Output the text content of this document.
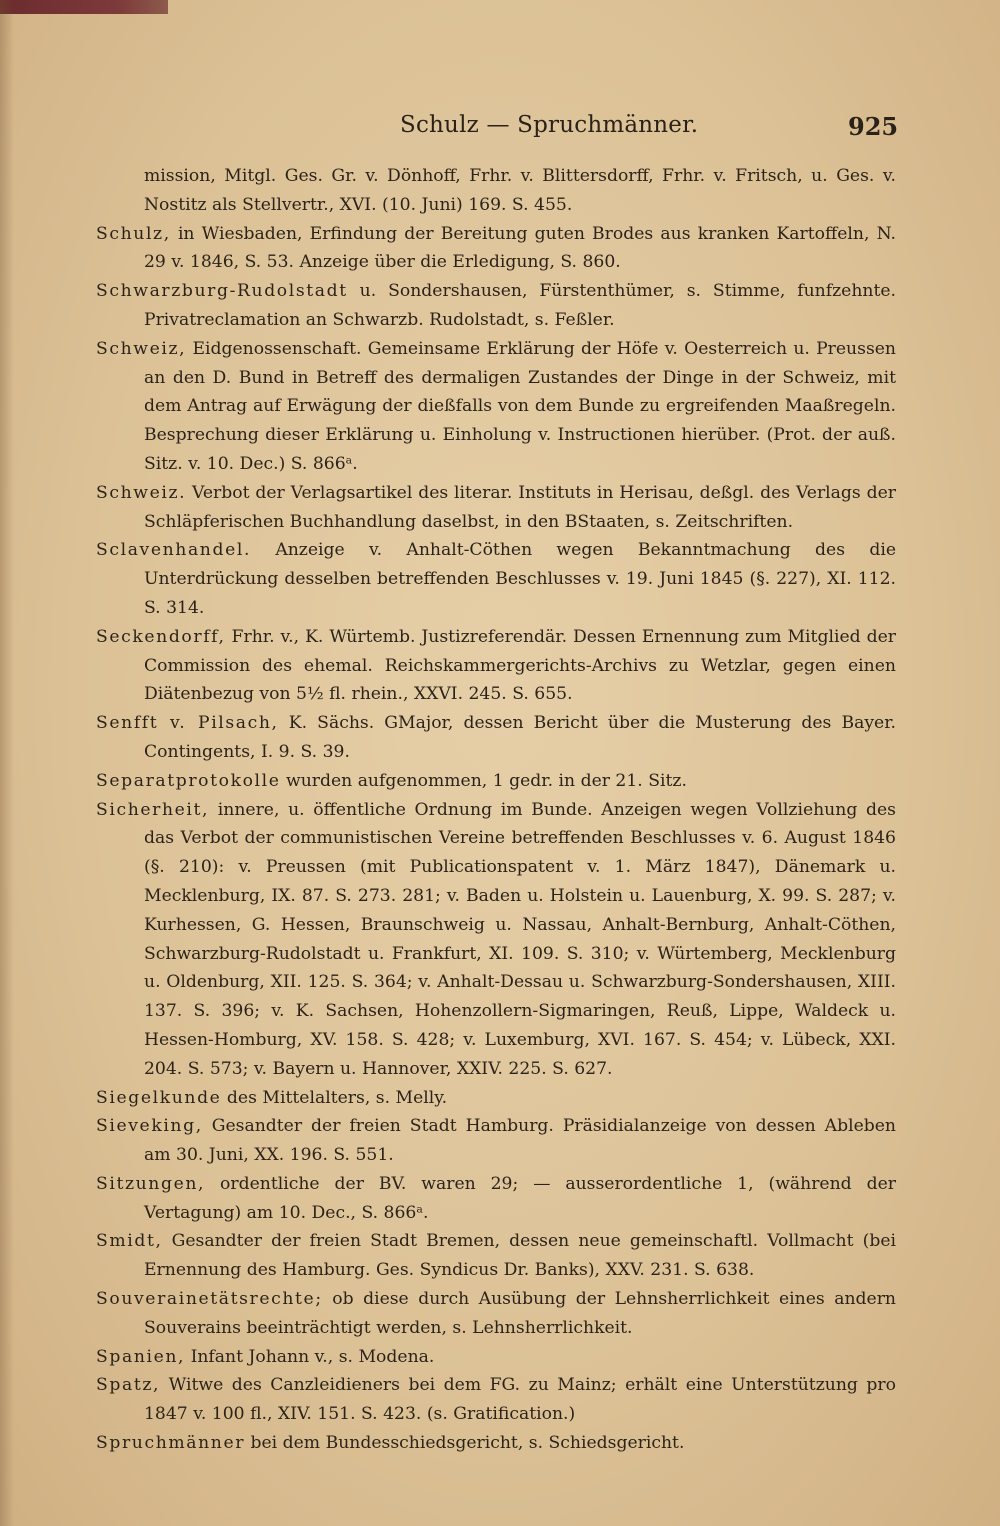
Schulz — Spruchmänner.	925

mission, Mitgl. Ges. Gr. v. Dönhoff, Frhr. v. Blittersdorff, Frhr. v. Fritsch, u. Ges. v. Nostitz als Stellvertr., XVI. (10. Juni) 169. S. 455.

Schulz, in Wiesbaden, Erfindung der Bereitung guten Brodes aus kranken Kartoffeln, N. 29 v. 1846, S. 53. Anzeige über die Erledigung, S. 860.

Schwarzburg-Rudolstadt u. Sondershausen, Fürstenthümer, s. Stimme, funfzehnte. Privatreclamation an Schwarzb. Rudolstadt, s. Feßler.

Schweiz, Eidgenossenschaft. Gemeinsame Erklärung der Höfe v. Oesterreich u. Preussen an den D. Bund in Betreff des dermaligen Zustandes der Dinge in der Schweiz, mit dem Antrag auf Erwägung der dießfalls von dem Bunde zu ergreifenden Maaßregeln. Besprechung dieser Erklärung u. Einholung v. Instructionen hierüber. (Prot. der auß. Sitz. v. 10. Dec.) S. 866ᵃ.

Schweiz. Verbot der Verlagsartikel des literar. Instituts in Herisau, deßgl. des Verlags der Schläpferischen Buchhandlung daselbst, in den BStaaten, s. Zeitschriften.

Sclavenhandel. Anzeige v. Anhalt-Cöthen wegen Bekanntmachung des die Unterdrückung desselben betreffenden Beschlusses v. 19. Juni 1845 (§. 227), XI. 112. S. 314.

Seckendorff, Frhr. v., K. Würtemb. Justizreferendär. Dessen Ernennung zum Mitglied der Commission des ehemal. Reichskammergerichts-Archivs zu Wetzlar, gegen einen Diätenbezug von 5½ fl. rhein., XXVI. 245. S. 655.

Senfft v. Pilsach, K. Sächs. GMajor, dessen Bericht über die Musterung des Bayer. Contingents, I. 9. S. 39.

Separatprotokolle wurden aufgenommen, 1 gedr. in der 21. Sitz.

Sicherheit, innere, u. öffentliche Ordnung im Bunde. Anzeigen wegen Vollziehung des das Verbot der communistischen Vereine betreffenden Beschlusses v. 6. August 1846 (§. 210): v. Preussen (mit Publicationspatent v. 1. März 1847), Dänemark u. Mecklenburg, IX. 87. S. 273. 281; v. Baden u. Holstein u. Lauenburg, X. 99. S. 287; v. Kurhessen, G. Hessen, Braunschweig u. Nassau, Anhalt-Bernburg, Anhalt-Cöthen, Schwarzburg-Rudolstadt u. Frankfurt, XI. 109. S. 310; v. Würtemberg, Mecklenburg u. Oldenburg, XII. 125. S. 364; v. Anhalt-Dessau u. Schwarzburg-Sondershausen, XIII. 137. S. 396; v. K. Sachsen, Hohenzollern-Sigmaringen, Reuß, Lippe, Waldeck u. Hessen-Homburg, XV. 158. S. 428; v. Luxemburg, XVI. 167. S. 454; v. Lübeck, XXI. 204. S. 573; v. Bayern u. Hannover, XXIV. 225. S. 627.

Siegelkunde des Mittelalters, s. Melly.

Sieveking, Gesandter der freien Stadt Hamburg. Präsidialanzeige von dessen Ableben am 30. Juni, XX. 196. S. 551.

Sitzungen, ordentliche der BV. waren 29; — ausserordentliche 1, (während der Vertagung) am 10. Dec., S. 866ᵃ.

Smidt, Gesandter der freien Stadt Bremen, dessen neue gemeinschaftl. Vollmacht (bei Ernennung des Hamburg. Ges. Syndicus Dr. Banks), XXV. 231. S. 638.

Souverainetätsrechte; ob diese durch Ausübung der Lehnsherrlichkeit eines andern Souverains beeinträchtigt werden, s. Lehnsherrlichkeit.

Spanien, Infant Johann v., s. Modena.

Spatz, Witwe des Canzleidieners bei dem FG. zu Mainz; erhält eine Unterstützung pro 1847 v. 100 fl., XIV. 151. S. 423. (s. Gratification.)

Spruchmänner bei dem Bundesschiedsgericht, s. Schiedsgericht.
